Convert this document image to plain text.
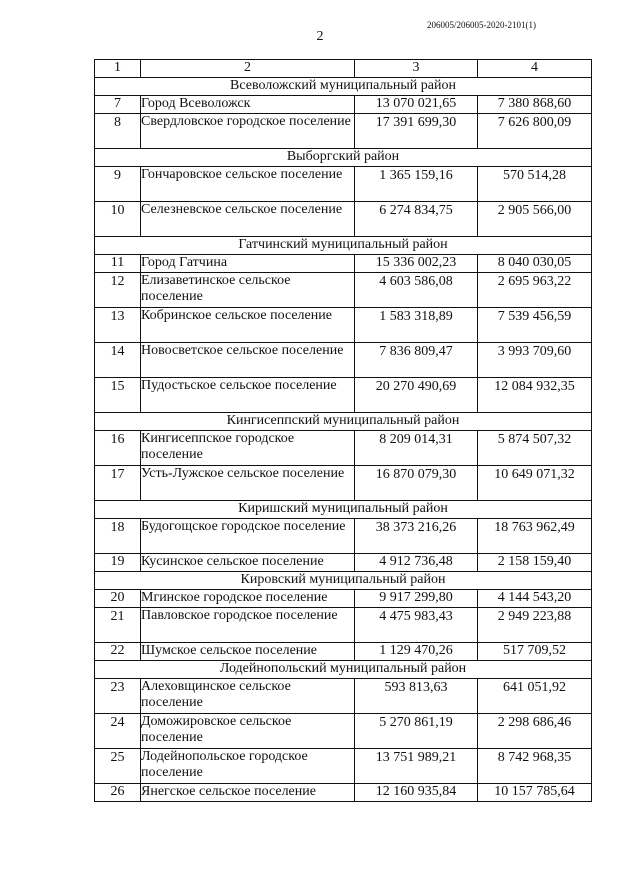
206005/206005-2020-2101(1)
2
1	2	3	4
Всеволожский муниципальный район			
7	Город Всеволожск	13 070 021,65	7 380 868,60
8	Свердловское городское поселение	17 391 699,30	7 626 800,09
Выборгский район			
9	Гончаровское сельское поселение	1 365 159,16	570 514,28
10	Селезневское сельское поселение	6 274 834,75	2 905 566,00
Гатчинский муниципальный район			
11	Город Гатчина	15 336 002,23	8 040 030,05
12	Елизаветинское сельское поселение	4 603 586,08	2 695 963,22
13	Кобринское сельское поселение	1 583 318,89	7 539 456,59
14	Новосветское сельское поселение	7 836 809,47	3 993 709,60
15	Пудостьское сельское поселение	20 270 490,69	12 084 932,35
Кингисеппский муниципальный район			
16	Кингисеппское городское поселение	8 209 014,31	5 874 507,32
17	Усть-Лужское сельское поселение	16 870 079,30	10 649 071,32
Киришский муниципальный район			
18	Будогощское городское поселение	38 373 216,26	18 763 962,49
19	Кусинское сельское поселение	4 912 736,48	2 158 159,40
Кировский муниципальный район			
20	Мгинское городское поселение	9 917 299,80	4 144 543,20
21	Павловское городское поселение	4 475 983,43	2 949 223,88
22	Шумское сельское поселение	1 129 470,26	517 709,52
Лодейнопольский муниципальный район			
23	Алеховщинское сельское поселение	593 813,63	641 051,92
24	Доможировское сельское поселение	5 270 861,19	2 298 686,46
25	Лодейнопольское городское поселение	13 751 989,21	8 742 968,35
26	Янегское сельское поселение	12 160 935,84	10 157 785,64
